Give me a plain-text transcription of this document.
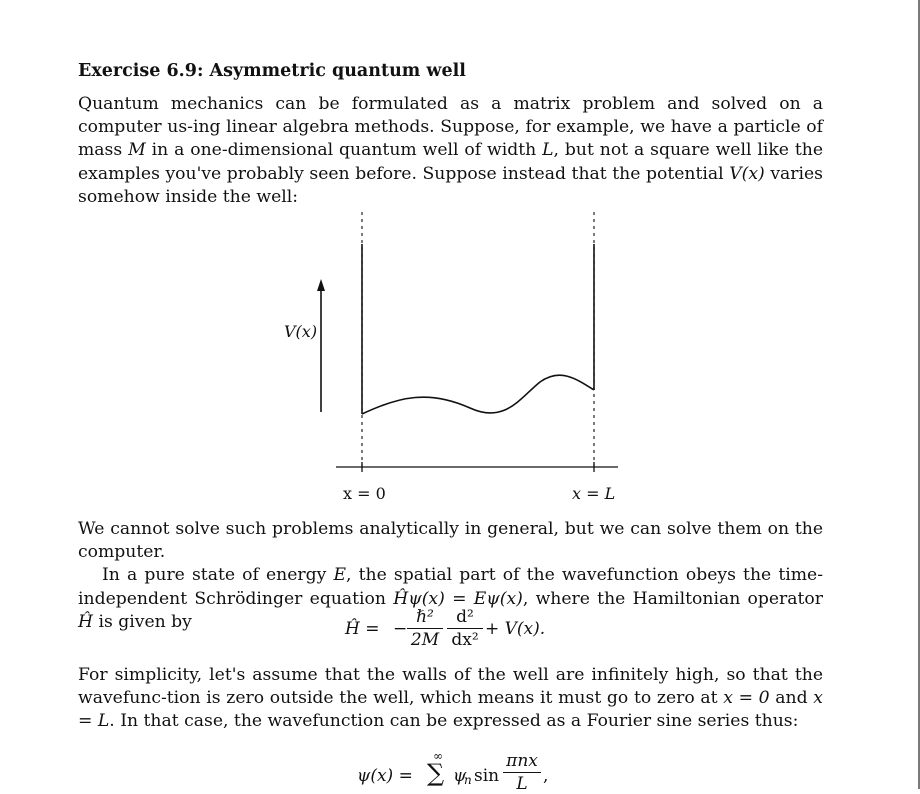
Exercise 6.9: Asymmetric quantum well

Quantum mechanics can be formulated as a matrix problem and solved on a computer us-ing linear algebra methods. Suppose, for example, we have a particle of mass M in a one-dimensional quantum well of width L, but not a square well like the examples you've probably seen before. Suppose instead that the potential V(x) varies somehow inside the well:

V(x)
x = 0	x = L

We cannot solve such problems analytically in general, but we can solve them on the computer.
In a pure state of energy E, the spatial part of the wavefunction obeys the time-independent Schrödinger equation Ĥψ(x) = Eψ(x), where the Hamiltonian operator Ĥ is given by	Ĥ = −
ℏ²
2M
d²
dx²
+ V(x).

For simplicity, let's assume that the walls of the well are infinitely high, so that the wavefunc-tion is zero outside the well, which means it must go to zero at x = 0 and x = L. In that case, the wavefunction can be expressed as a Fourier sine series thus:

ψ(x) =
∞
∑ ψ
n sin
πnx
L ,
